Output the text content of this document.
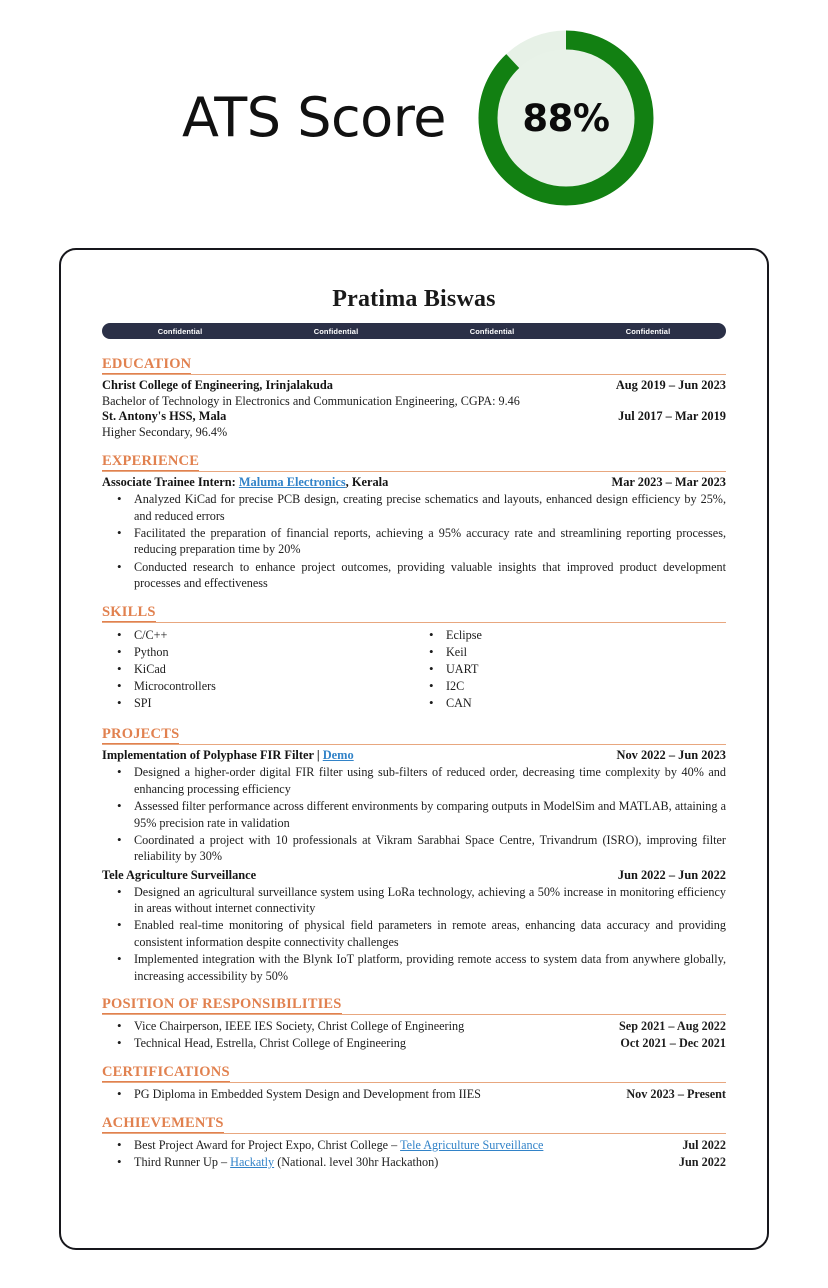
ATS Score	88%
Pratima Biswas
Confidential	Confidential	Confidential	Confidential
EDUCATION
Christ College of Engineering, Irinjalakuda	Aug 2019 – Jun 2023
Bachelor of Technology in Electronics and Communication Engineering, CGPA: 9.46
St. Antony's HSS, Mala	Jul 2017 – Mar 2019
Higher Secondary, 96.4%
EXPERIENCE
Associate Trainee Intern: Maluma Electronics, Kerala	Mar 2023 – Mar 2023
• Analyzed KiCad for precise PCB design, creating precise schematics and layouts, enhanced design efficiency by 25%, and reduced errors
• Facilitated the preparation of financial reports, achieving a 95% accuracy rate and streamlining reporting processes, reducing preparation time by 20%
• Conducted research to enhance project outcomes, providing valuable insights that improved product development processes and effectiveness
SKILLS
• C/C++
• Python
• KiCad
• Microcontrollers
• SPI
• Eclipse
• Keil
• UART
• I2C
• CAN
PROJECTS
Implementation of Polyphase FIR Filter | Demo	Nov 2022 – Jun 2023
• Designed a higher-order digital FIR filter using sub-filters of reduced order, decreasing time complexity by 40% and enhancing processing efficiency
• Assessed filter performance across different environments by comparing outputs in ModelSim and MATLAB, attaining a 95% precision rate in validation
• Coordinated a project with 10 professionals at Vikram Sarabhai Space Centre, Trivandrum (ISRO), improving filter reliability by 30%
Tele Agriculture Surveillance	Jun 2022 – Jun 2022
• Designed an agricultural surveillance system using LoRa technology, achieving a 50% increase in monitoring efficiency in areas without internet connectivity
• Enabled real-time monitoring of physical field parameters in remote areas, enhancing data accuracy and providing consistent information despite connectivity challenges
• Implemented integration with the Blynk IoT platform, providing remote access to system data from anywhere globally, increasing accessibility by 50%
POSITION OF RESPONSIBILITIES
• Vice Chairperson, IEEE IES Society, Christ College of Engineering	Sep 2021 – Aug 2022
• Technical Head, Estrella, Christ College of Engineering	Oct 2021 – Dec 2021
CERTIFICATIONS
• PG Diploma in Embedded System Design and Development from IIES	Nov 2023 – Present
ACHIEVEMENTS
• Best Project Award for Project Expo, Christ College – Tele Agriculture Surveillance	Jul 2022
• Third Runner Up – Hackatly (National. level 30hr Hackathon)	Jun 2022
